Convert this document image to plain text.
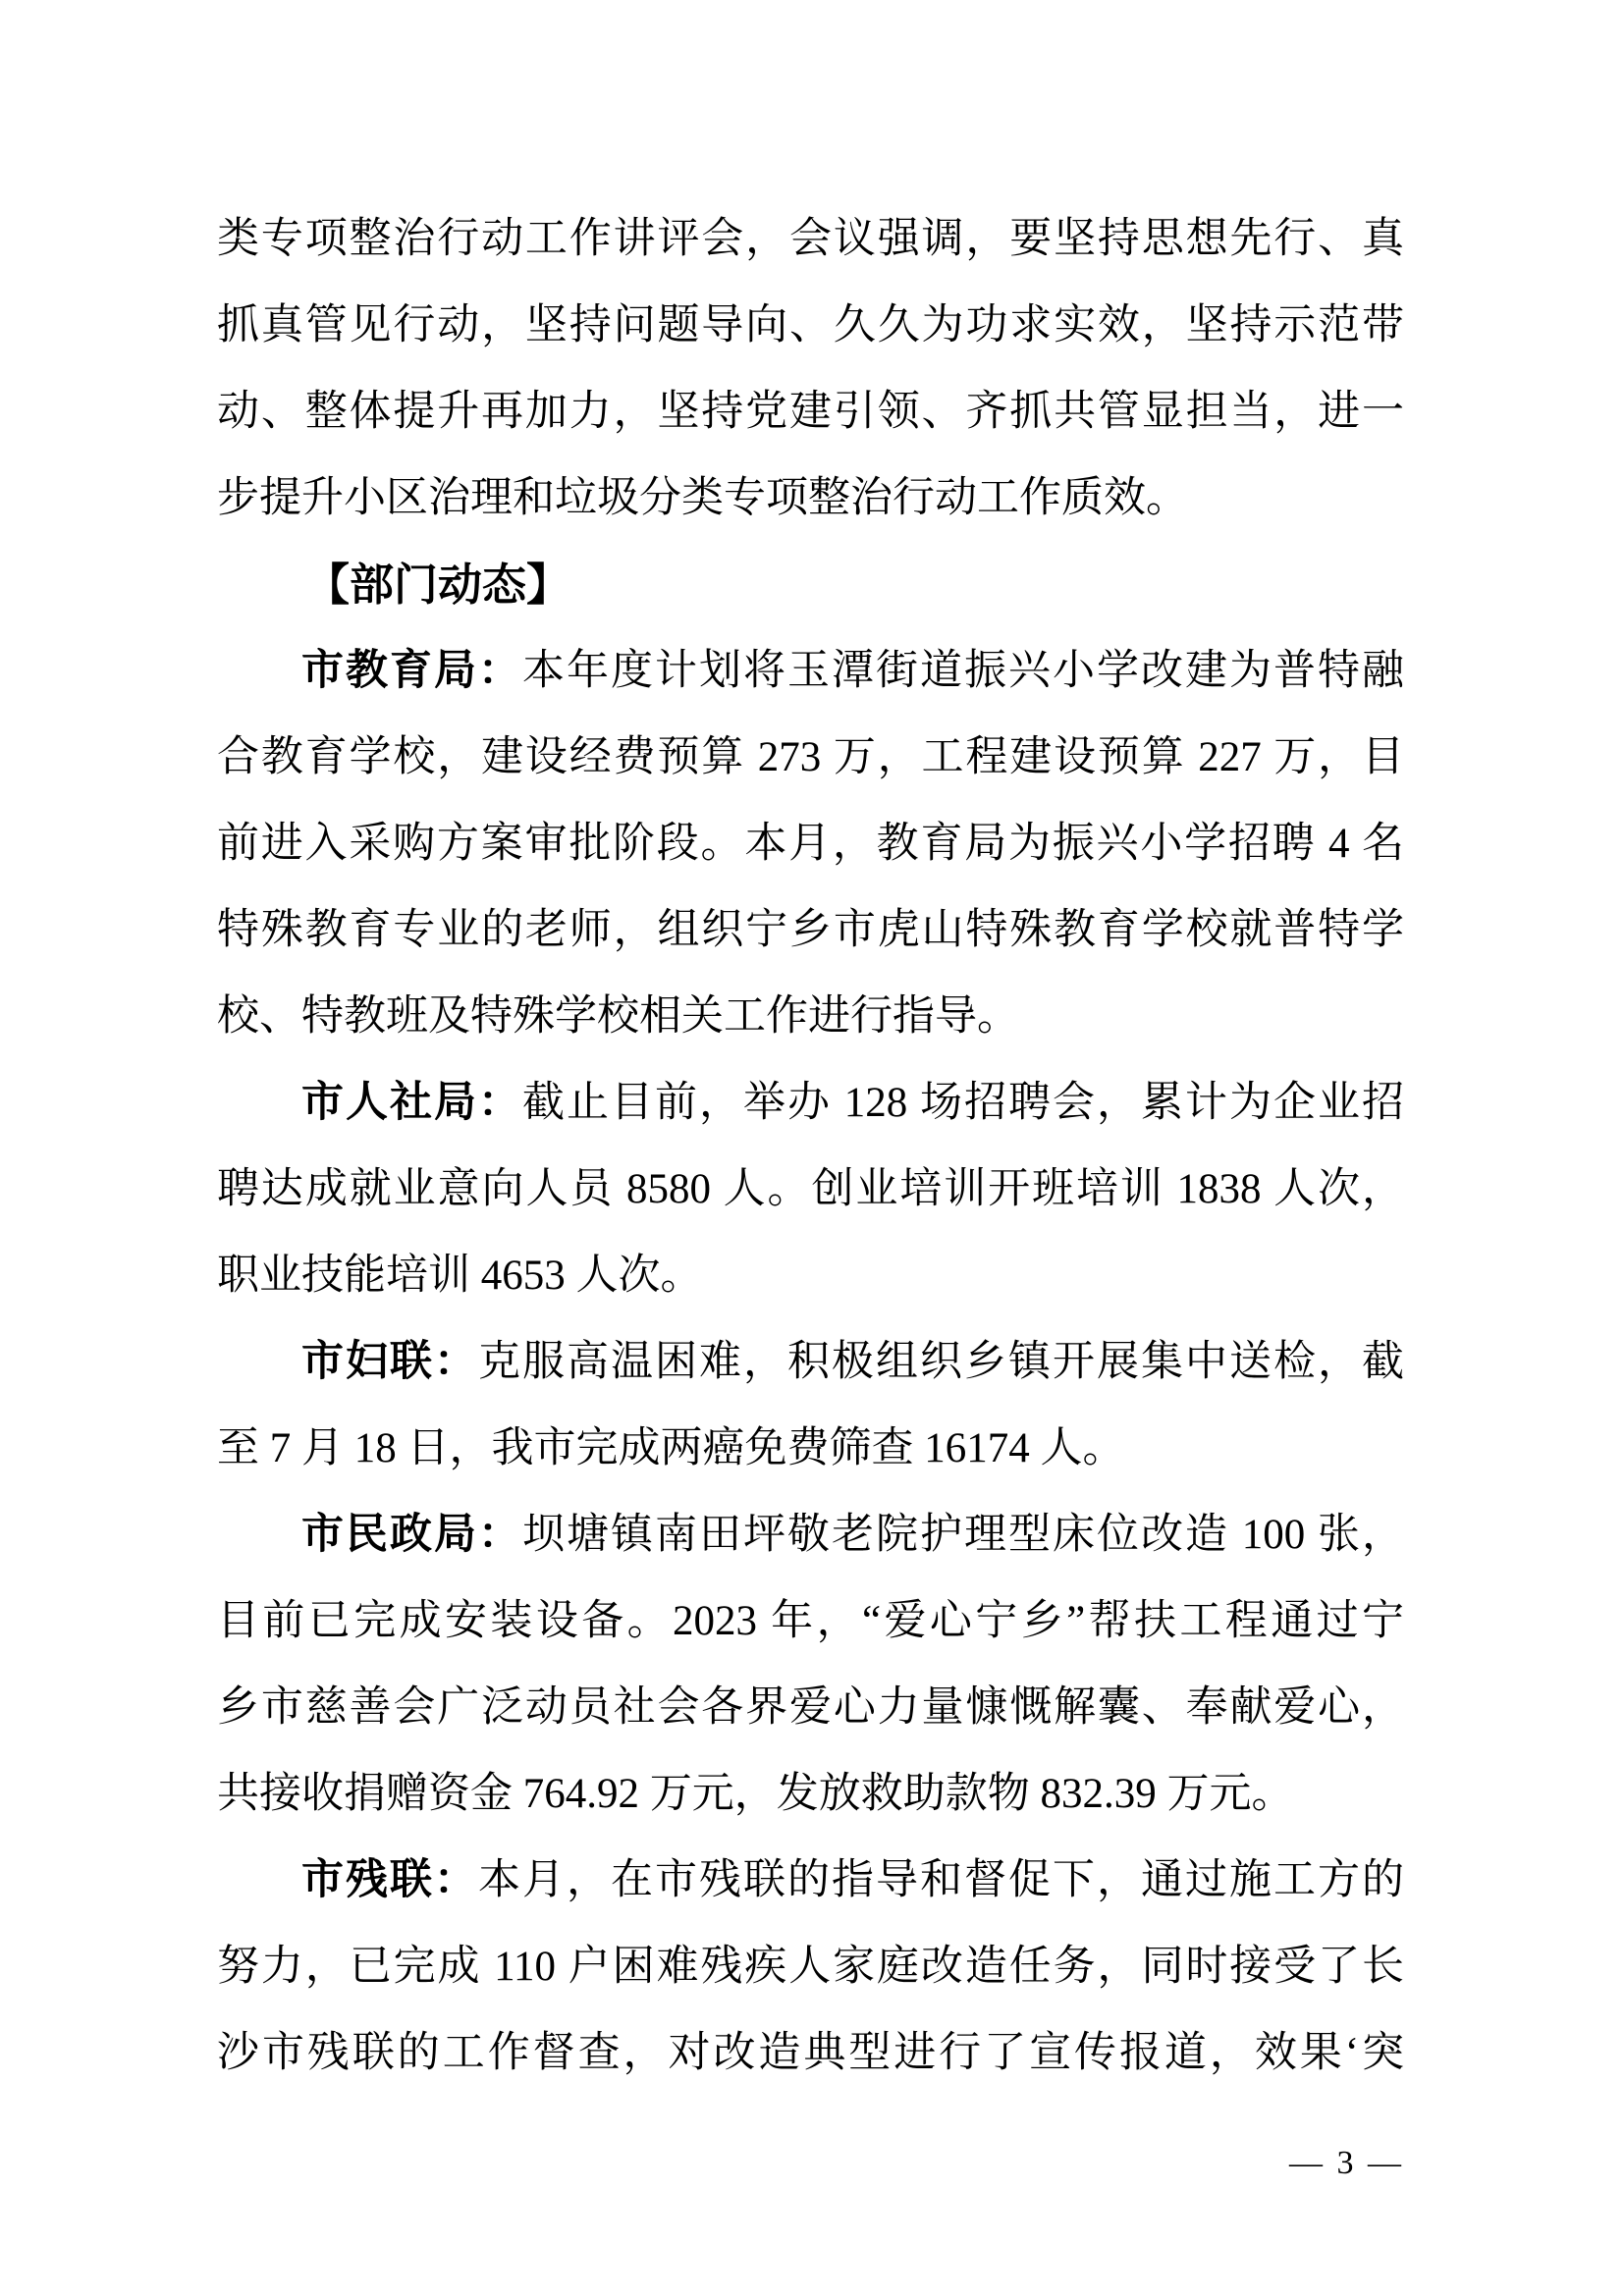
类专项整治行动工作讲评会，会议强调，要坚持思想先行、真
抓真管见行动，坚持问题导向、久久为功求实效，坚持示范带
动、整体提升再加力，坚持党建引领、齐抓共管显担当，进一
步提升小区治理和垃圾分类专项整治行动工作质效。
【部门动态】
市教育局：本年度计划将玉潭街道振兴小学改建为普特融
合教育学校，建设经费预算 273 万，工程建设预算 227 万，目
前进入采购方案审批阶段。本月，教育局为振兴小学招聘 4 名
特殊教育专业的老师，组织宁乡市虎山特殊教育学校就普特学
校、特教班及特殊学校相关工作进行指导。
市人社局：截止目前，举办 128 场招聘会，累计为企业招
聘达成就业意向人员 8580 人。创业培训开班培训 1838 人次，
职业技能培训 4653 人次。
市妇联：克服高温困难，积极组织乡镇开展集中送检，截
至 7 月 18 日，我市完成两癌免费筛查 16174 人。
市民政局：坝塘镇南田坪敬老院护理型床位改造 100 张，
目前已完成安装设备。2023 年，“爱心宁乡”帮扶工程通过宁
乡市慈善会广泛动员社会各界爱心力量慷慨解囊、奉献爱心，
共接收捐赠资金 764.92 万元，发放救助款物 832.39 万元。
市残联：本月，在市残联的指导和督促下，通过施工方的
努力，已完成 110 户困难残疾人家庭改造任务，同时接受了长
沙市残联的工作督查，对改造典型进行了宣传报道，效果‘突
— 3 —
